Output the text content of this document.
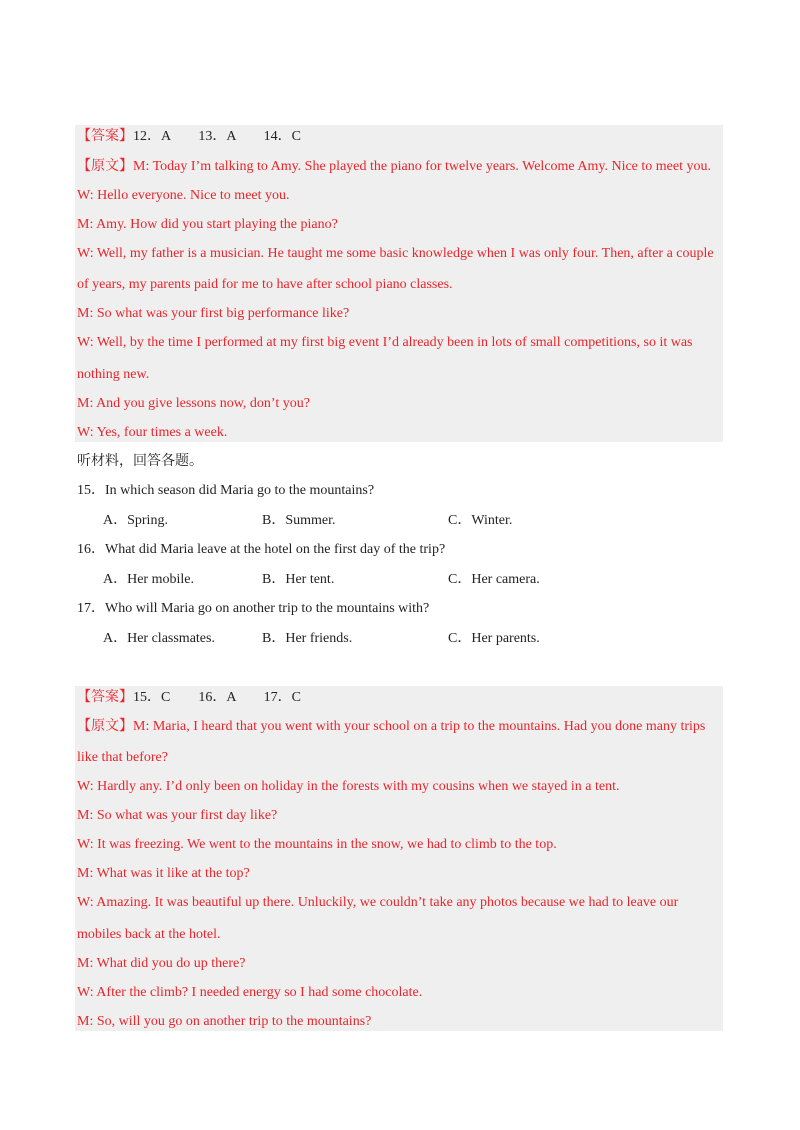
【答案】12．A　　13．A　　14．C
【原文】M: Today I’m talking to Amy. She played the piano for twelve years. Welcome Amy. Nice to meet you.
W: Hello everyone. Nice to meet you.
M: Amy. How did you start playing the piano?
W: Well, my father is a musician. He taught me some basic knowledge when I was only four. Then, after a couple
of years, my parents paid for me to have after school piano classes.
M: So what was your first big performance like?
W: Well, by the time I performed at my first big event I’d already been in lots of small competitions, so it was
nothing new.
M: And you give lessons now, don’t you?
W: Yes, four times a week.
听材料，回答各题。
15．In which season did Maria go to the mountains?
A．Spring.	B．Summer.	C．Winter.
16．What did Maria leave at the hotel on the first day of the trip?
A．Her mobile.	B．Her tent.	C．Her camera.
17．Who will Maria go on another trip to the mountains with?
A．Her classmates.	B．Her friends.	C．Her parents.
【答案】15．C　　16．A　　17．C
【原文】M: Maria, I heard that you went with your school on a trip to the mountains. Had you done many trips
like that before?
W: Hardly any. I’d only been on holiday in the forests with my cousins when we stayed in a tent.
M: So what was your first day like?
W: It was freezing. We went to the mountains in the snow, we had to climb to the top.
M: What was it like at the top?
W: Amazing. It was beautiful up there. Unluckily, we couldn’t take any photos because we had to leave our
mobiles back at the hotel.
M: What did you do up there?
W: After the climb? I needed energy so I had some chocolate.
M: So, will you go on another trip to the mountains?
